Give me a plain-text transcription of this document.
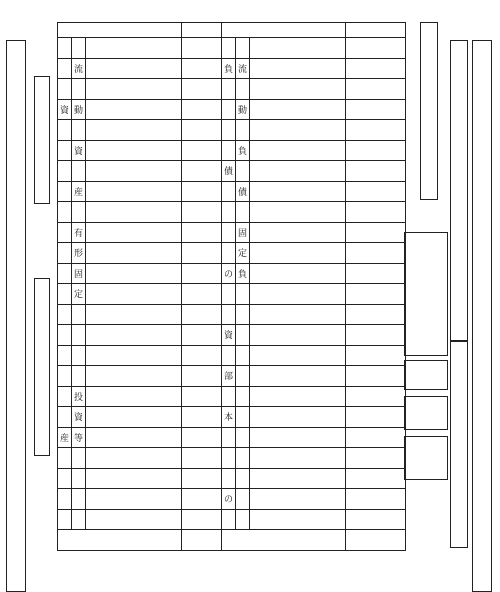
	流			負	流		

資	動				動		

	資				負		
				債			
	産				債		

	有				固		
	形				定		
	固			の	負		
	定						

				資			

				部			
	投						
	資			本			
産	等						

				の			
